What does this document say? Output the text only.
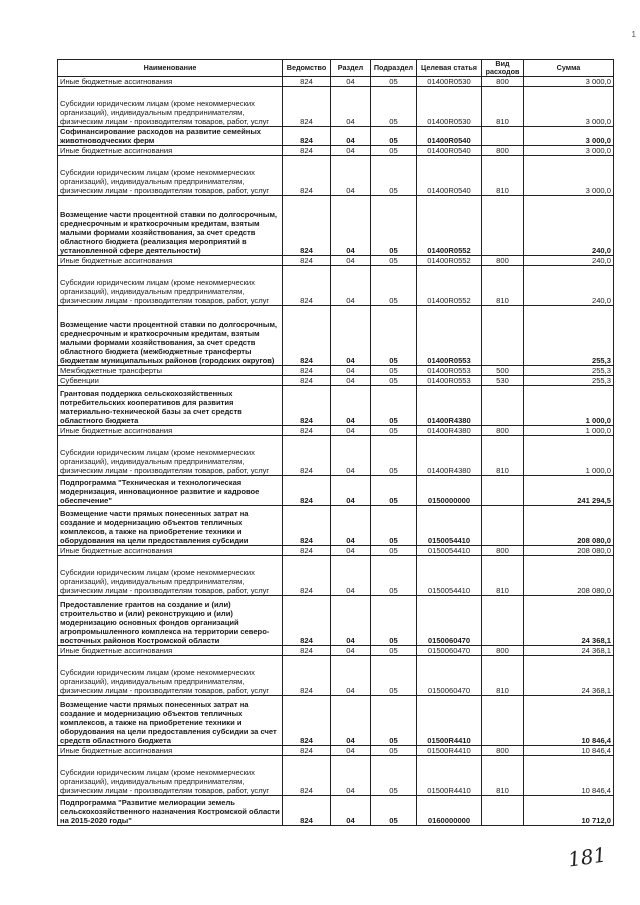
1
Наименование	Ведомство	Раздел	Подраздел	Целевая статья	Вид расходов	Сумма
Иные бюджетные ассигнования	824	04	05	01400R0530	800	3 000,0
Субсидии юридическим лицам (кроме некоммерческих организаций), индивидуальным предпринимателям, физическим лицам - производителям товаров, работ, услуг	824	04	05	01400R0530	810	3 000,0
Софинансирование расходов на развитие семейных животноводческих ферм	824	04	05	01400R0540		3 000,0
Иные бюджетные ассигнования	824	04	05	01400R0540	800	3 000,0
Субсидии юридическим лицам (кроме некоммерческих организаций), индивидуальным предпринимателям, физическим лицам - производителям товаров, работ, услуг	824	04	05	01400R0540	810	3 000,0
Возмещение части процентной ставки по долгосрочным, среднесрочным и краткосрочным кредитам, взятым малыми формами хозяйствования, за счет средств областного бюджета (реализация мероприятий в установленной сфере деятельности)	824	04	05	01400R0552		240,0
Иные бюджетные ассигнования	824	04	05	01400R0552	800	240,0
Субсидии юридическим лицам (кроме некоммерческих организаций), индивидуальным предпринимателям, физическим лицам - производителям товаров, работ, услуг	824	04	05	01400R0552	810	240,0
Возмещение части процентной ставки по долгосрочным, среднесрочным и краткосрочным кредитам, взятым малыми формами хозяйствования, за счет средств областного бюджета (межбюджетные трансферты бюджетам муниципальных районов (городских округов)	824	04	05	01400R0553		255,3
Межбюджетные трансферты	824	04	05	01400R0553	500	255,3
Субвенции	824	04	05	01400R0553	530	255,3
Грантовая поддержка сельскохозяйственных потребительских кооперативов для развития материально-технической базы за счет средств областного бюджета	824	04	05	01400R4380		1 000,0
Иные бюджетные ассигнования	824	04	05	01400R4380	800	1 000,0
Субсидии юридическим лицам (кроме некоммерческих организаций), индивидуальным предпринимателям, физическим лицам - производителям товаров, работ, услуг	824	04	05	01400R4380	810	1 000,0
Подпрограмма "Техническая и технологическая модернизация, инновационное развитие и кадровое обеспечение"	824	04	05	0150000000		241 294,5
Возмещение части прямых понесенных затрат на создание и модернизацию объектов тепличных комплексов, а также на приобретение техники и оборудования на цели предоставления субсидии	824	04	05	0150054410		208 080,0
Иные бюджетные ассигнования	824	04	05	0150054410	800	208 080,0
Субсидии юридическим лицам (кроме некоммерческих организаций), индивидуальным предпринимателям, физическим лицам - производителям товаров, работ, услуг	824	04	05	0150054410	810	208 080,0
Предоставление грантов на создание и (или) строительство и (или) реконструкцию и (или) модернизацию основных фондов организаций агропромышленного комплекса на территории северо-восточных районов Костромской области	824	04	05	0150060470		24 368,1
Иные бюджетные ассигнования	824	04	05	0150060470	800	24 368,1
Субсидии юридическим лицам (кроме некоммерческих организаций), индивидуальным предпринимателям, физическим лицам - производителям товаров, работ, услуг	824	04	05	0150060470	810	24 368,1
Возмещение части прямых понесенных затрат на создание и модернизацию объектов тепличных комплексов, а также на приобретение техники и оборудования на цели предоставления субсидии за счет средств областного бюджета	824	04	05	01500R4410		10 846,4
Иные бюджетные ассигнования	824	04	05	01500R4410	800	10 846,4
Субсидии юридическим лицам (кроме некоммерческих организаций), индивидуальным предпринимателям, физическим лицам - производителям товаров, работ, услуг	824	04	05	01500R4410	810	10 846,4
Подпрограмма "Развитие мелиорации земель сельскохозяйственного назначения Костромской области на 2015-2020 годы"	824	04	05	0160000000		10 712,0
181
